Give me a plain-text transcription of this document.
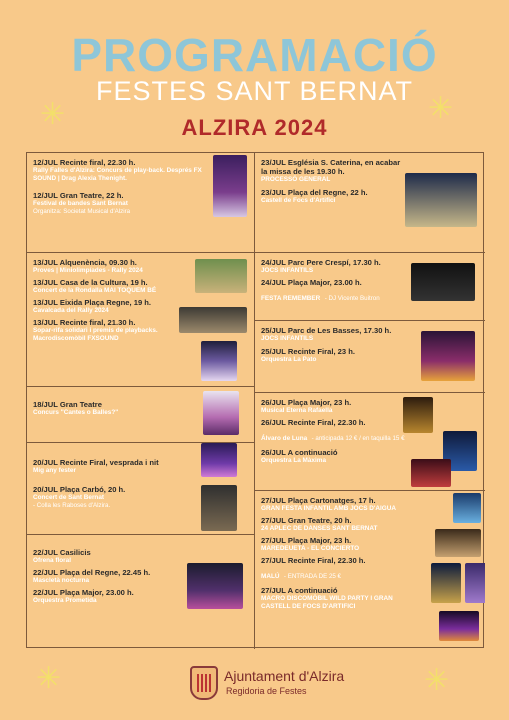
PROGRAMACIÓ
FESTES SANT BERNAT
ALZIRA 2024
✳	✳
✳	✳
12/JUL Recinte firal, 22.30 h.
Rally Falles d'Alzira: Concurs de play-back. Després FX SOUND | Drag Alexia Thenight.
12/JUL Gran Teatre, 22 h.
Festival de bandes Sant Bernat
Organitza: Societat Musical d'Alzira
13/JUL Alquenència, 09.30 h.
Proves | Miniolimpíades - Rally 2024
13/JUL Casa de la Cultura, 19 h.
Concert de la Rondalla MAI TOQUEM BÉ
13/JUL Eixida Plaça Regne, 19 h.
Cavalcada del Rally 2024
13/JUL Recinte firal, 21.30 h.
Sopar-rifa solidari i premis de playbacks. Macrodiscomòbil FXSOUND
18/JUL Gran Teatre
Concurs "Cantes o Balles?"
20/JUL Recinte Firal, vesprada i nit
Mig any fester
20/JUL Plaça Carbó, 20 h.
Concert de Sant Bernat
- Colla les Raboses d'Alzira.
22/JUL Casilicis
Ofrena floral
22/JUL Plaça del Regne, 22.45 h.
Mascletà nocturna
22/JUL Plaça Major, 23.00 h.
Orquestra Prometida
23/JUL Església S. Caterina, en acabar la missa de les 19.30 h.
PROCESSÓ GENERAL
23/JUL Plaça del Regne, 22 h.
Castell de Focs d'Artifici
24/JUL Parc Pere Crespí, 17.30 h.
JOCS INFANTILS
24/JUL Plaça Major, 23.00 h.
FESTA REMEMBER - DJ Vicente Buitron
25/JUL Parc de Les Basses, 17.30 h.
JOCS INFANTILS
25/JUL Recinte Firal, 23 h.
Orquestra La Pato
26/JUL Plaça Major, 23 h.
Musical Eterna Rafaella
26/JUL Recinte Firal, 22.30 h.
Álvaro de Luna - anticipada 12 € / en taquilla 15 €
26/JUL A continuació
Orquestra La Màxima
27/JUL Plaça Cartonatges, 17 h.
GRAN FESTA INFANTIL AMB JOCS D'AIGUA
27/JUL Gran Teatre, 20 h.
24 APLEC DE DANSES SANT BERNAT
27/JUL Plaça Major, 23 h.
MAREDEUETA - EL CONCIERTO
27/JUL Recinte Firal, 22.30 h.
MALÚ - ENTRADA DE 25 €
27/JUL A continuació
MACRO DISCOMÒBIL WILD PARTY I GRAN CASTELL DE FOCS D'ARTIFICI
Ajuntament d'Alzira
Regidoria de Festes
